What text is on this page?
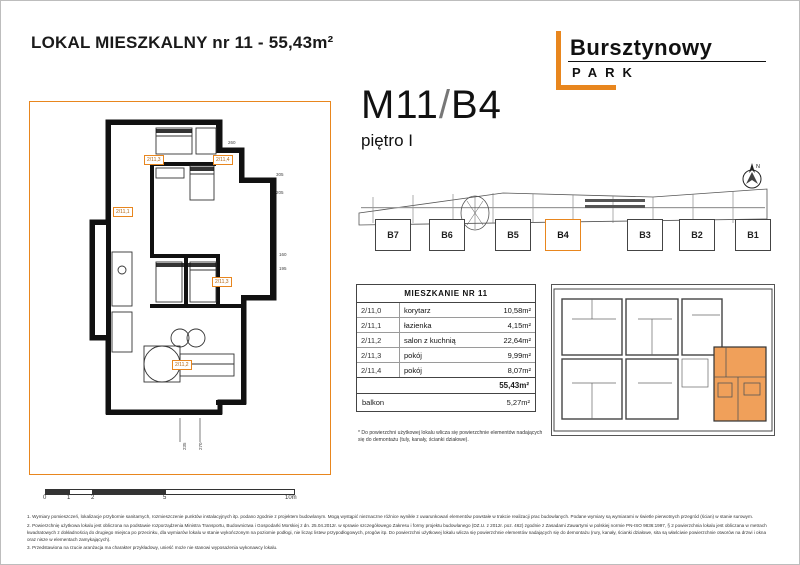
LOKAL MIESZKALNY nr 11 - 55,43m²	Bursztynowy
PARK
M11/B4
piętro I
N
2/11,3	2/11,4
2/11,1
2/11,3
2/11,2
260
305
205
160
195
235 270
0	1	2	5	10m
B7	B6	B5	B4	B3	B2	B1
MIESZKANIE NR 11
2/11,0	korytarz	10,58m²
2/11,1	łazienka	4,15m²
2/11,2	salon z kuchnią	22,64m²
2/11,3	pokój	9,99m²
2/11,4	pokój	8,07m²
55,43m²
balkon	5,27m²
* Do powierzchni użytkowej lokalu wlicza się powierzchnie elementów nadających się do demontażu (tuly, kanały, ścianki działowe).

1. Wymiary pomieszczeń, lokalizacje przybornie sanitarnych, rozmieszczenie punktów instalacyjnych itp. podano zgodnie z projektem budowlanym. Mogą wystąpić nieznaczne różnice wynikłe z uwarunkowań elementów powstałe w trakcie realizacji prac budowlanych. Podane wymiary są wymiarami w świetle pierwotnych przegród (ścian) w stanie surowym.

2. Powierzchnię użytkowa lokalu jest obliczona na podstawie rozporządzenia Ministra Transportu, Budownictwa i Gospodarki Morskiej z dn. 25.04.2012r. w sprawie szczegółowego Zakresu i formy projektu budowlanego (DZ.U. z 2012r. poz. 462) zgodnie z Zasadami Zawartymi w polskiej normie PN-ISO 9836:1997, § 2 powierzchnia lokalu jest obliczana w metrach kwadratowych z dokładnością do drugiego miejsca po przecinku, dla wymiarów lokalu w stanie wykończonym na poziomie podłogi, nie licząc listew przypodłogowych, progów itp. Do powierzchni użytkowej lokalu wlicza się powierzchnie elementów nadających się do demontażu (rury, kanały, ścianki działowe, sita są właściwie powierzchnie otworów na drzwi i okna oraz nisze w elementach zamykających).

3. Przedstawiona na rzucie aranżacja ma charakter przykładowy, unieść może nie stanowi wyposażenia wykonawcy lokalu.
